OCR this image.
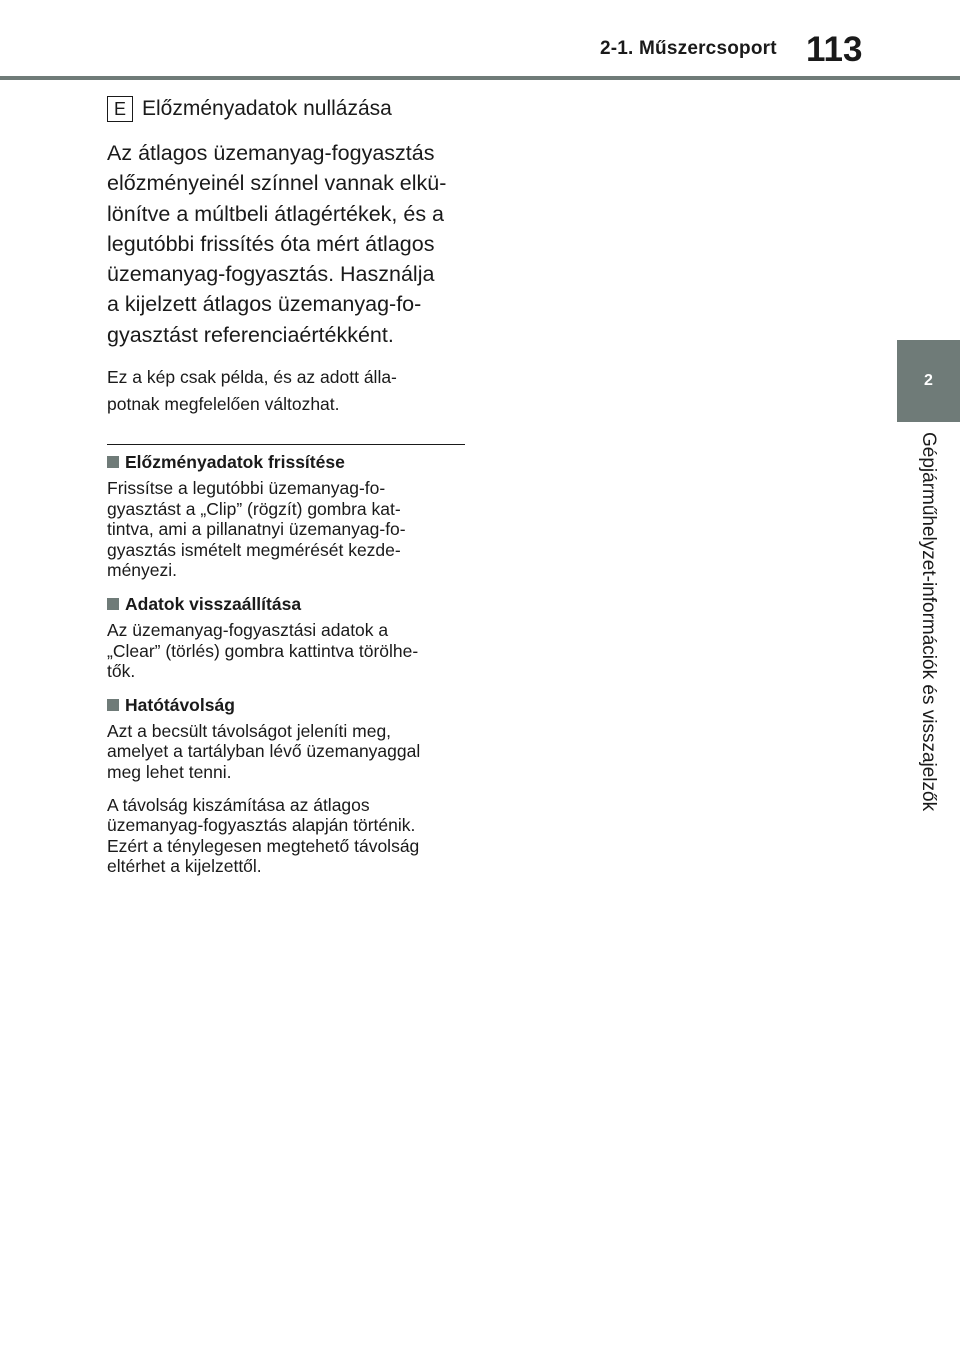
2-1. Műszercsoport 113
2
Gépjárműhelyzet-információk és visszajelzők
E Előzményadatok nullázása

Az átlagos üzemanyag-fogyasztás
előzményeinél színnel vannak elkü-
lönítve a múltbeli átlagértékek, és a
legutóbbi frissítés óta mért átlagos
üzemanyag-fogyasztás. Használja
a kijelzett átlagos üzemanyag-fo-
gyasztást referenciaértékként.

Ez a kép csak példa, és az adott álla-
potnak megfelelően változhat.

Előzményadatok frissítése

Frissítse a legutóbbi üzemanyag-fo-
gyasztást a „Clip” (rögzít) gombra kat-
tintva, ami a pillanatnyi üzemanyag-fo-
gyasztás ismételt megmérését kezde-
ményezi.

Adatok visszaállítása

Az üzemanyag-fogyasztási adatok a
„Clear” (törlés) gombra kattintva törölhe-
tők.

Hatótávolság

Azt a becsült távolságot jeleníti meg,
amelyet a tartályban lévő üzemanyaggal
meg lehet tenni.

A távolság kiszámítása az átlagos
üzemanyag-fogyasztás alapján történik.
Ezért a ténylegesen megtehető távolság
eltérhet a kijelzettől.
